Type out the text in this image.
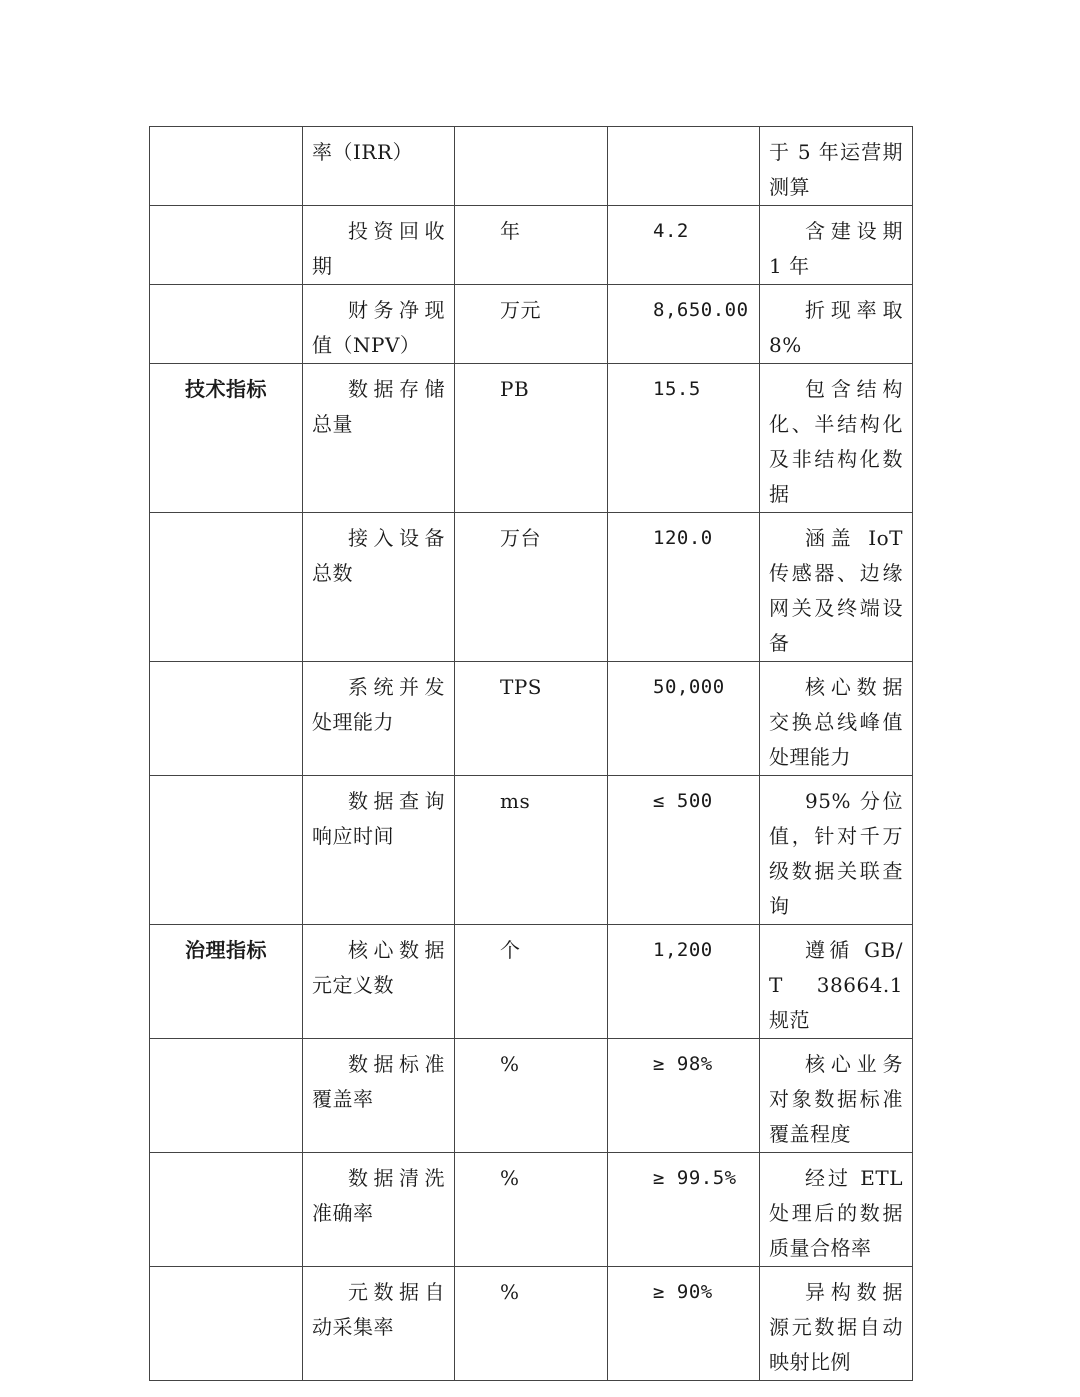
	率（IRR）			于 5 年运营期测算
	投资回收期	年	4.2	含建设期 1 年
	财务净现值（NPV）	万元	8,650.00	折现率取 8%
技术指标	数据存储总量	PB	15.5	包含结构化、半结构化及非结构化数据
	接入设备总数	万台	120.0	涵盖 IoT 传感器、边缘网关及终端设备
	系统并发处理能力	TPS	50,000	核心数据交换总线峰值处理能力
	数据查询响应时间	ms	≤ 500	95% 分位值，针对千万级数据关联查询
治理指标	核心数据元定义数	个	1,200	遵循 GB/T 38664.1 规范
	数据标准覆盖率	%	≥ 98%	核心业务对象数据标准覆盖程度
	数据清洗准确率	%	≥ 99.5%	经过 ETL 处理后的数据质量合格率
	元数据自动采集率	%	≥ 90%	异构数据源元数据自动映射比例
